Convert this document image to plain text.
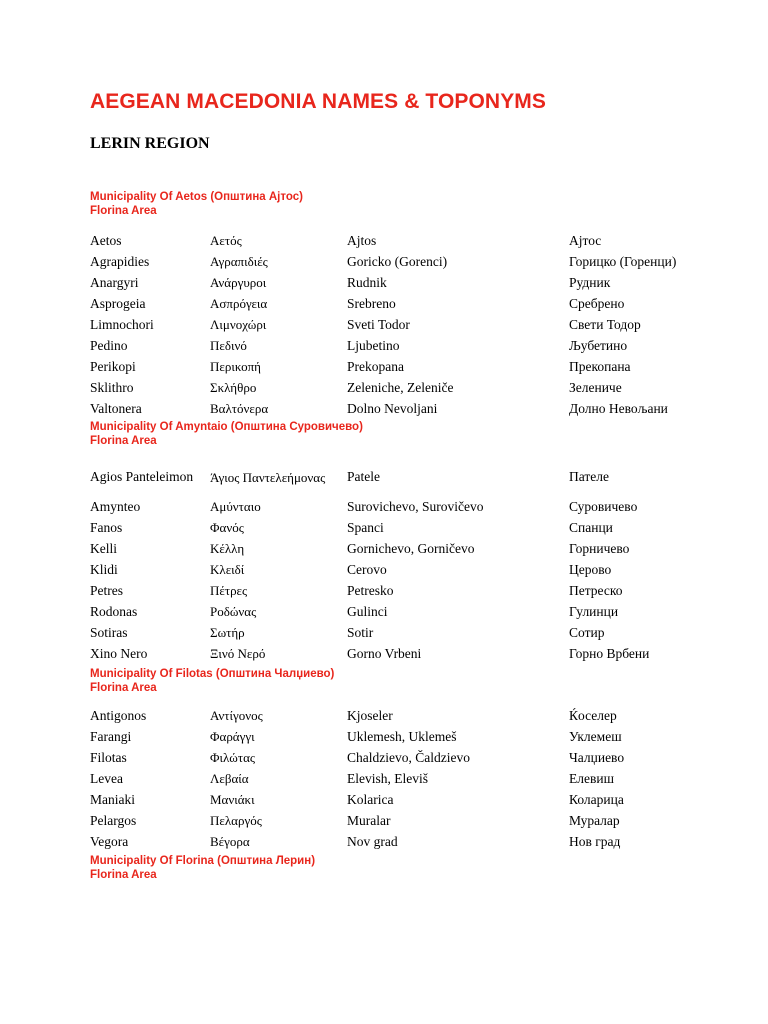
AEGEAN MACEDONIA NAMES & TOPONYMS
LERIN REGION
Municipality Of Aetos (Општина Ајтос)
Florina Area
Aetos	Αετός	Ajtos	Ајтос
Agrapidies	Αγραπιδιές	Goricko (Gorenci)	Горицко (Горенци)
Anargyri	Ανάργυροι	Rudnik	Рудник
Asprogeia	Ασπρόγεια	Srebreno	Сребрено
Limnochori	Λιμνοχώρι	Sveti Todor	Свети Тодор
Pedino	Πεδινό	Ljubetino	Љубетино
Perikopi	Περικοπή	Prekopana	Прекопана
Sklithro	Σκλήθρο	Zeleniche, Zeleniče	Зеленичe
Valtonera	Βαλτόνερα	Dolno Nevoljani	Долно Невољани
Municipality Of Amyntaio (Општина Суровичево)
Florina Area
Agios Panteleimon	Άγιος Παντελεήμονας	Patele	Пателе
Amynteo	Αμύνταιο	Surovichevo, Surovičevo	Суровичево
Fanos	Φανός	Spanci	Спанци
Kelli	Κέλλη	Gornichevo, Gorničevo	Горничево
Klidi	Κλειδί	Cerovo	Церово
Petres	Πέτρες	Petresko	Петреско
Rodonas	Ροδώνας	Gulinci	Гулинци
Sotiras	Σωτήρ	Sotir	Сотир
Xino Nero	Ξινό Νερό	Gorno Vrbeni	Горно Врбени
Municipality Of Filotas (Општина Чалџиево)
Florina Area
Antigonos	Αντίγονος	Kjoseler	Ќоселер
Farangi	Φαράγγι	Uklemesh, Uklemeš	Уклемеш
Filotas	Φιλώτας	Chaldzievo, Čaldzievo	Чалџиево
Levea	Λεβαία	Elevish, Eleviš	Елевиш
Maniaki	Μανιάκι	Kolarica	Коларица
Pelargos	Πελαργός	Muralar	Мурaлар
Vegora	Βέγορα	Nov grad	Нов град
Municipality Of Florina (Општина Лерин)
Florina Area
